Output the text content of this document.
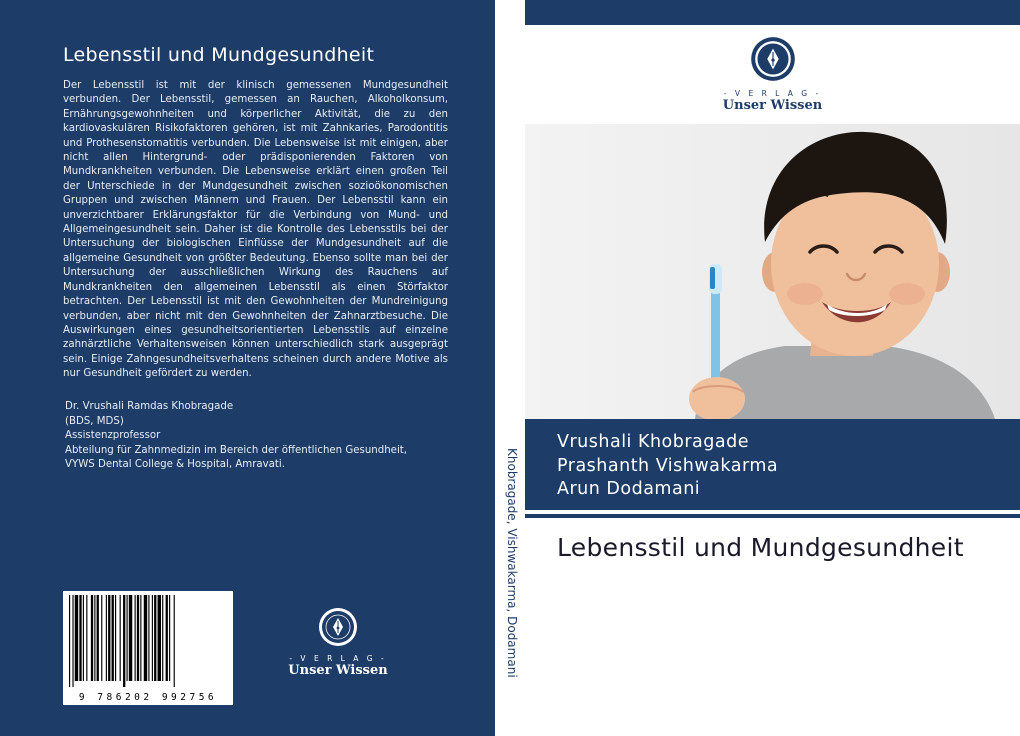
Lebensstil und Mundgesundheit

Der Lebensstil ist mit der klinisch gemessenen Mundgesundheit verbunden. Der Lebensstil, gemessen an Rauchen, Alkoholkonsum, Ernährungsgewohnheiten und körperlicher Aktivität, die zu den kardiovaskulären Risikofaktoren gehören, ist mit Zahnkaries, Parodontitis und Prothesenstomatitis verbunden. Die Lebensweise ist mit einigen, aber nicht allen Hintergrund- oder prädisponierenden Faktoren von Mundkrankheiten verbunden. Die Lebensweise erklärt einen großen Teil der Unterschiede in der Mundgesundheit zwischen sozioökonomischen Gruppen und zwischen Männern und Frauen. Der Lebensstil kann ein unverzichtbarer Erklärungsfaktor für die Verbindung von Mund- und Allgemeingesundheit sein. Daher ist die Kontrolle des Lebensstils bei der Untersuchung der biologischen Einflüsse der Mundgesundheit auf die allgemeine Gesundheit von größter Bedeutung. Ebenso sollte man bei der Untersuchung der ausschließlichen Wirkung des Rauchens auf Mundkrankheiten den allgemeinen Lebensstil als einen Störfaktor betrachten. Der Lebensstil ist mit den Gewohnheiten der Mundreinigung verbunden, aber nicht mit den Gewohnheiten der Zahnarztbesuche. Die Auswirkungen eines gesundheitsorientierten Lebensstils auf einzelne zahnärztliche Verhaltensweisen können unterschiedlich stark ausgeprägt sein. Einige Zahngesundheitsverhaltens scheinen durch andere Motive als nur Gesundheit gefördert zu werden.

Dr. Vrushali Ramdas Khobragade
(BDS, MDS)
Assistenzprofessor
Abteilung für Zahnmedizin im Bereich der öffentlichen Gesundheit,
VYWS Dental College & Hospital, Amravati.
9 786202 992756
- V E R L A G -
Unser Wissen	Khobragade, Vishwakarma, Dodamani
- V E R L A G -
Unser Wissen
Vrushali Khobragade
Prashanth Vishwakarma
Arun Dodamani
Lebensstil und Mundgesundheit
